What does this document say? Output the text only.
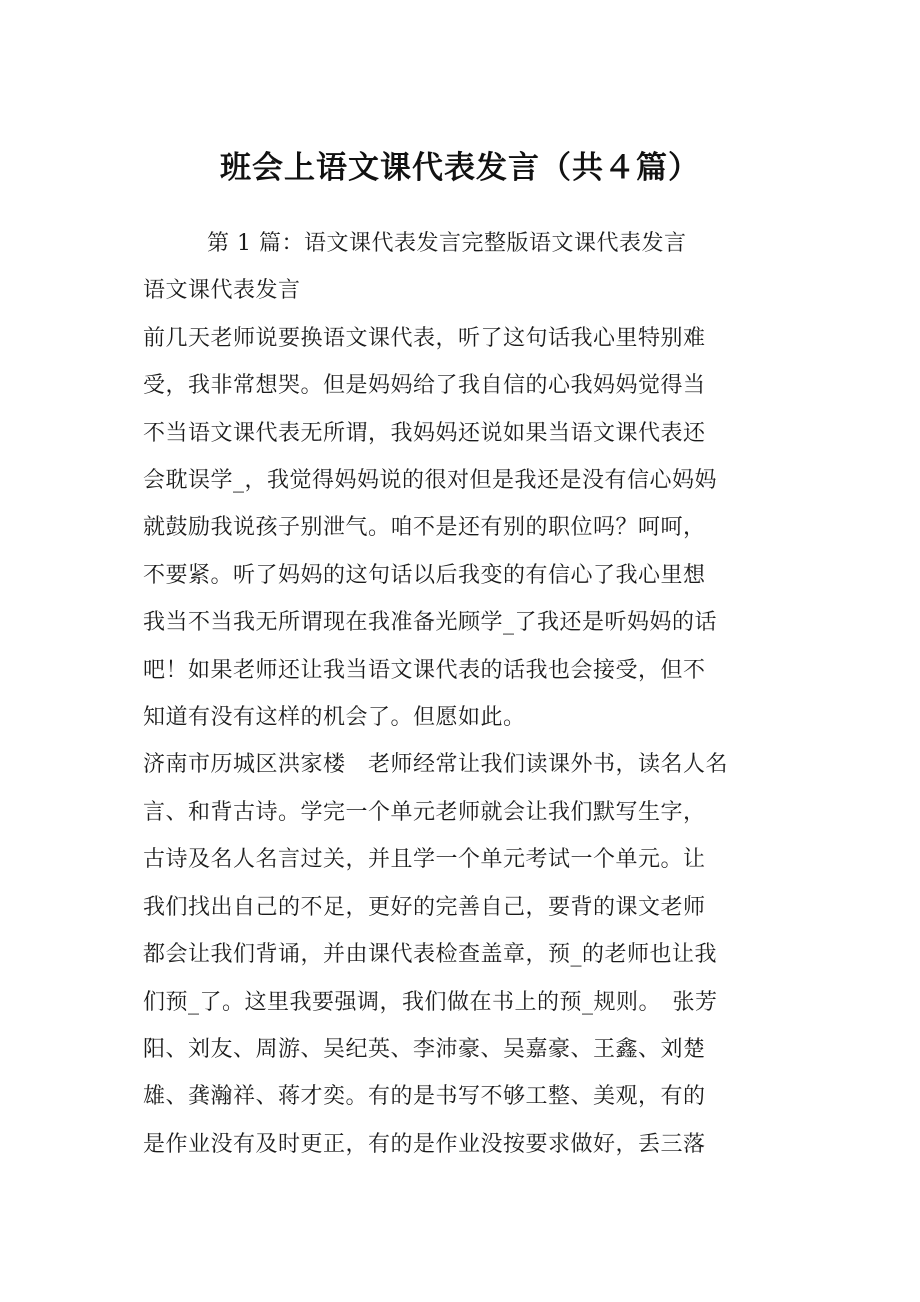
班会上语文课代表发言（共４篇）
第 1 篇：语文课代表发言完整版语文课代表发言
语文课代表发言
前几天老师说要换语文课代表，听了这句话我心里特别难
受，我非常想哭。但是妈妈给了我自信的心我妈妈觉得当
不当语文课代表无所谓，我妈妈还说如果当语文课代表还
会耽误学_，我觉得妈妈说的很对但是我还是没有信心妈妈
就鼓励我说孩子别泄气。咱不是还有别的职位吗？呵呵，
不要紧。听了妈妈的这句话以后我变的有信心了我心里想
我当不当我无所谓现在我准备光顾学_了我还是听妈妈的话
吧！如果老师还让我当语文课代表的话我也会接受，但不
知道有没有这样的机会了。但愿如此。
济南市历城区洪家楼　老师经常让我们读课外书，读名人名
言、和背古诗。学完一个单元老师就会让我们默写生字，
古诗及名人名言过关，并且学一个单元考试一个单元。让
我们找出自己的不足，更好的完善自己，要背的课文老师
都会让我们背诵，并由课代表检查盖章，预_的老师也让我
们预_了。这里我要强调，我们做在书上的预_规则。　张芳
阳、刘友、周游、吴纪英、李沛豪、吴嘉豪、王鑫、刘楚
雄、龚瀚祥、蒋才奕。有的是书写不够工整、美观，有的
是作业没有及时更正，有的是作业没按要求做好，丢三落
